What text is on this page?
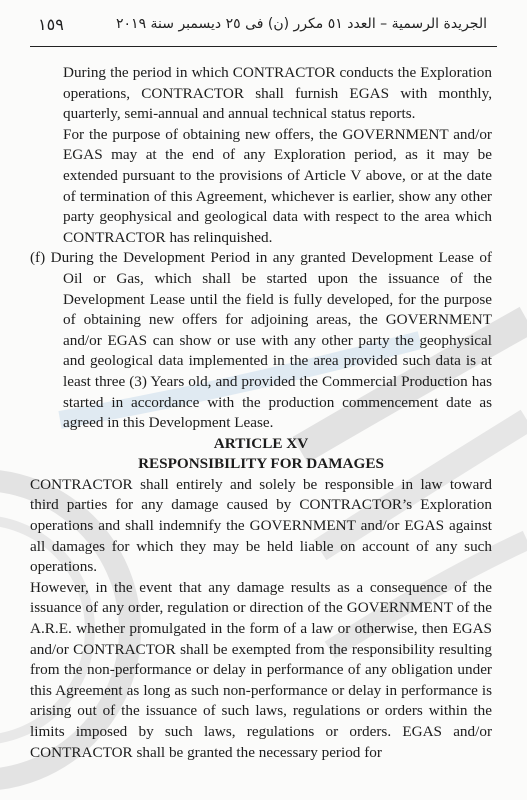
١٥٩	الجريدة الرسمية – العدد ٥١ مكرر (ن) فى ٢٥ ديسمبر سنة ٢٠١٩

During the period in which CONTRACTOR conducts the Exploration operations, CONTRACTOR shall furnish EGAS with monthly, quarterly, semi-annual and annual technical status reports.

For the purpose of obtaining new offers, the GOVERNMENT and/or EGAS may at the end of any Exploration period, as it may be extended pursuant to the provisions of Article V above, or at the date of termination of this Agreement, whichever is earlier, show any other party geophysical and geological data with respect to the area which CONTRACTOR has relinquished.

(f) During the Development Period in any granted Development Lease of Oil or Gas, which shall be started upon the issuance of the Development Lease until the field is fully developed, for the purpose of obtaining new offers for adjoining areas, the GOVERNMENT and/or EGAS can show or use with any other party the geophysical and geological data implemented in the area provided such data is at least three (3) Years old, and provided the Commercial Production has started in accordance with the production commencement date as agreed in this Development Lease.

ARTICLE XV

RESPONSIBILITY FOR DAMAGES

CONTRACTOR shall entirely and solely be responsible in law toward third parties for any damage caused by CONTRACTOR’s Exploration operations and shall indemnify the GOVERNMENT and/or EGAS against all damages for which they may be held liable on account of any such operations.

However, in the event that any damage results as a consequence of the issuance of any order, regulation or direction of the GOVERNMENT of the A.R.E. whether promulgated in the form of a law or otherwise, then EGAS and/or CONTRACTOR shall be exempted from the responsibility resulting from the non-performance or delay in performance of any obligation under this Agreement as long as such non-performance or delay in performance is arising out of the issuance of such laws, regulations or orders within the limits imposed by such laws, regulations or orders. EGAS and/or CONTRACTOR shall be granted the necessary period for
